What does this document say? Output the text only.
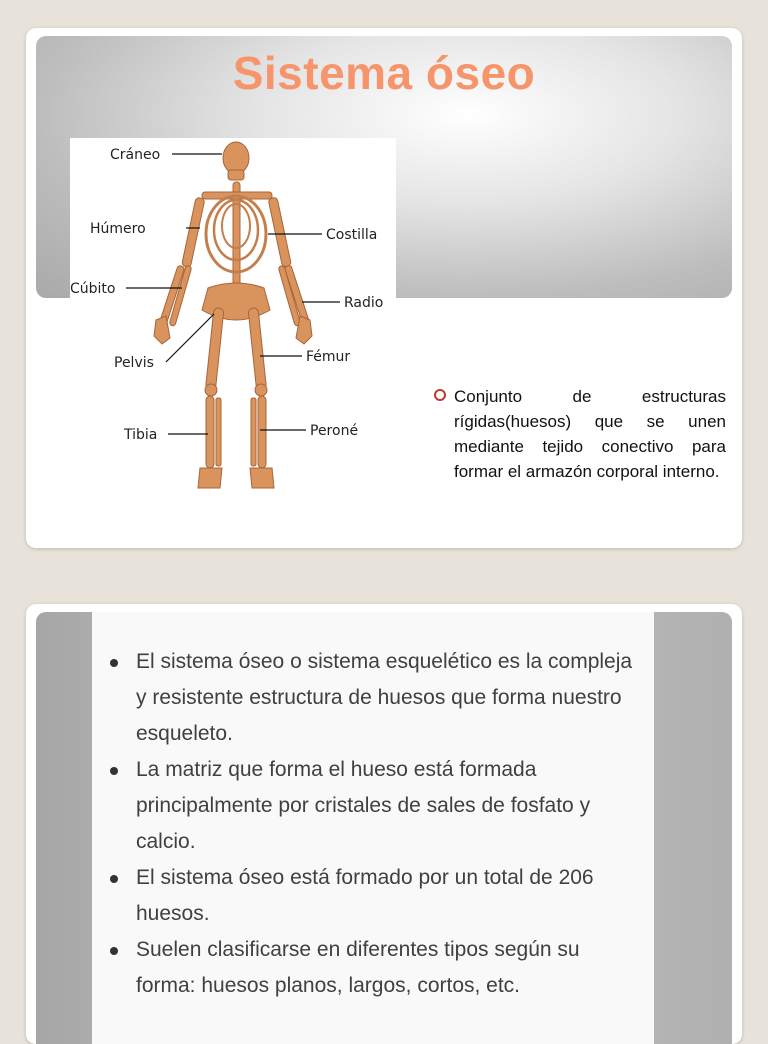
Sistema óseo
Cráneo
Húmero	Costilla
Cúbito
Radio
Pelvis	Fémur
Tibia	Peroné

Conjunto de estructuras rígidas(huesos) que se unen mediante tejido conectivo para formar el armazón corporal interno.

El sistema óseo o sistema esquelético es la compleja y resistente estructura de huesos que forma nuestro esqueleto.
La matriz que forma el hueso está formada principalmente por cristales de sales de fosfato y calcio.
El sistema óseo está formado por un total de 206 huesos.
Suelen clasificarse en diferentes tipos según su forma: huesos planos, largos, cortos, etc.
